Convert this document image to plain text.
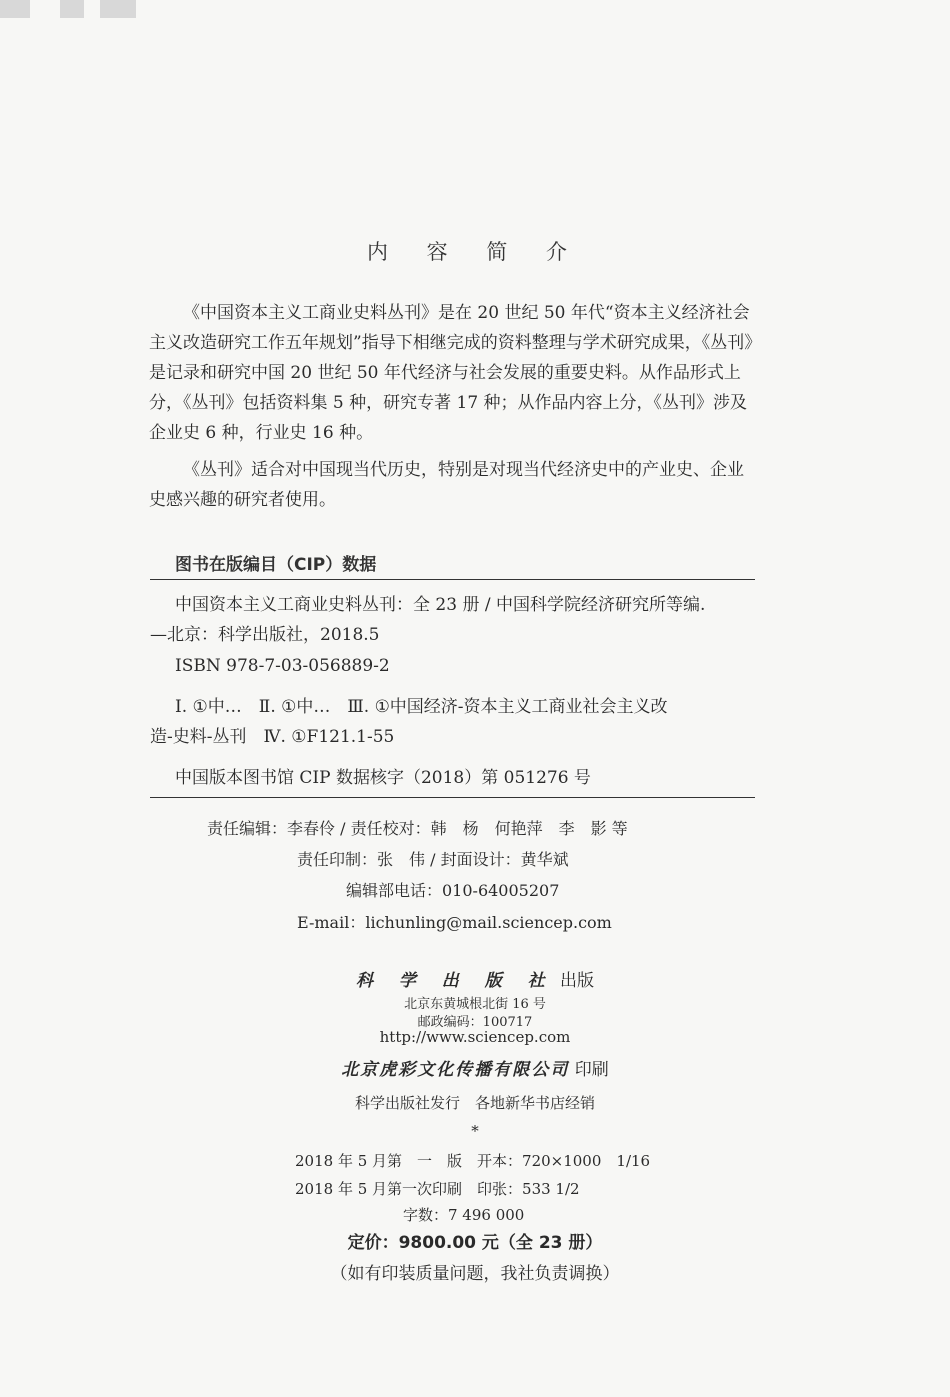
内 容 简 介
《中国资本主义工商业史料丛刊》是在 20 世纪 50 年代“资本主义经济社会主义改造研究工作五年规划”指导下相继完成的资料整理与学术研究成果，《丛刊》是记录和研究中国 20 世纪 50 年代经济与社会发展的重要史料。从作品形式上分，《丛刊》包括资料集 5 种，研究专著 17 种；从作品内容上分，《丛刊》涉及企业史 6 种，行业史 16 种。
《丛刊》适合对中国现当代历史，特别是对现当代经济史中的产业史、企业史感兴趣的研究者使用。
图书在版编目（CIP）数据
中国资本主义工商业史料丛刊：全 23 册 / 中国科学院经济研究所等编.
—北京：科学出版社，2018.5
ISBN 978-7-03-056889-2
Ⅰ. ①中…　Ⅱ. ①中…　Ⅲ. ①中国经济-资本主义工商业社会主义改
造-史料-丛刊　Ⅳ. ①F121.1-55
中国版本图书馆 CIP 数据核字（2018）第 051276 号
责任编辑：李春伶 / 责任校对：韩　杨　何艳萍　李　影 等
责任印制：张　伟 / 封面设计：黄华斌
编辑部电话：010-64005207
E-mail：lichunling@mail.sciencep.com
科 学 出 版 社 出版
北京东黄城根北街 16 号
邮政编码：100717
http://www.sciencep.com
北京虎彩文化传播有限公司 印刷
科学出版社发行　各地新华书店经销
*
2018 年 5 月第　一　版　开本：720×1000　1/16
2018 年 5 月第一次印刷　印张：533 1/2
字数：7 496 000
定价：9800.00 元（全 23 册）
（如有印装质量问题，我社负责调换）
